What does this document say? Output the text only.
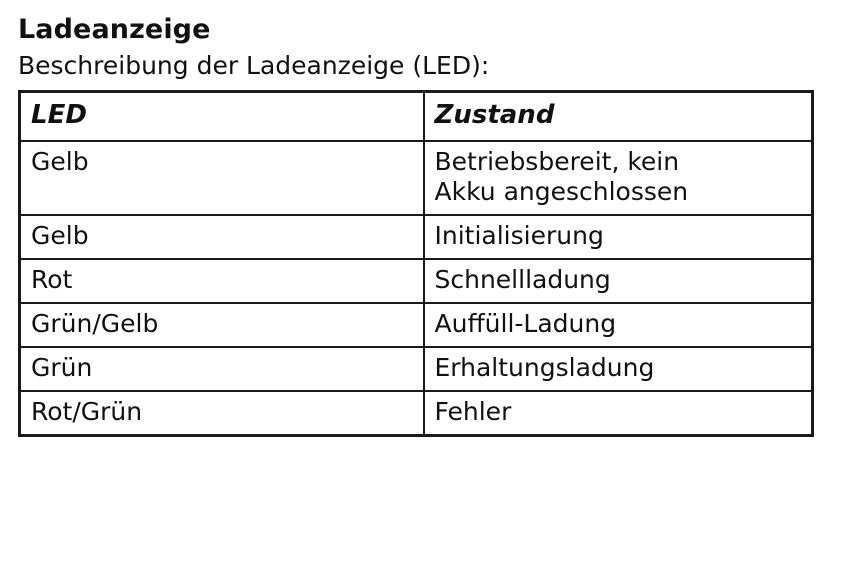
Ladeanzeige

Beschreibung der Ladeanzeige (LED):

LED	Zustand
Gelb	Betriebsbereit, kein
Akku angeschlossen

Gelb	Initialisierung
Rot	Schnellladung
Grün/Gelb	Auffüll-Ladung
Grün	Erhaltungsladung
Rot/Grün	Fehler
